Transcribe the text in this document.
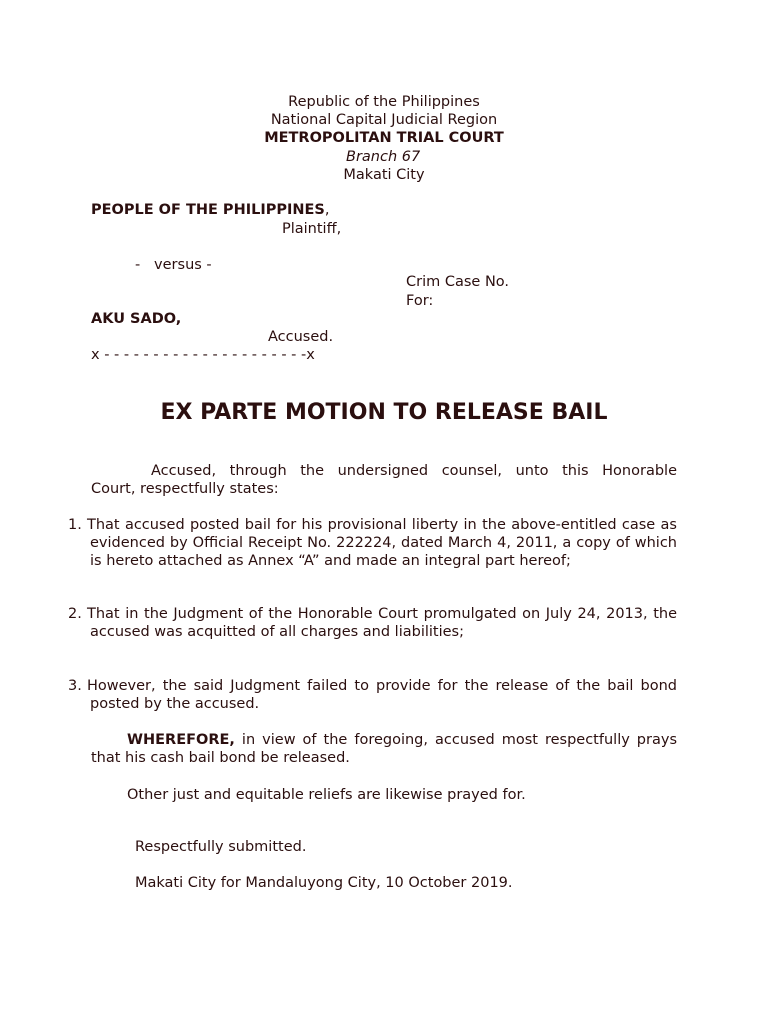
Republic of the Philippines
National Capital Judicial Region
METROPOLITAN TRIAL COURT
Branch 67
Makati City
PEOPLE OF THE PHILIPPINES,
Plaintiff,
-   versus -
Crim Case No.
For:
AKU SADO,
Accused.
x - - - - - - - - - - - - - - - - - - - - -x
EX PARTE MOTION TO RELEASE BAIL
Accused, through the undersigned counsel, unto this Honorable
Court, respectfully states:
1. That accused posted bail for his provisional liberty in the above-entitled case as
evidenced by Official Receipt No. 222224, dated March 4, 2011, a copy of which
is hereto attached as Annex “A” and made an integral part hereof;
2. That in the Judgment of the Honorable Court promulgated on July 24, 2013, the
accused was acquitted of all charges and liabilities;
3. However, the said Judgment failed to provide for the release of the bail bond
posted by the accused.
WHEREFORE, in view of the foregoing, accused most respectfully prays
that his cash bail bond be released.
Other just and equitable reliefs are likewise prayed for.
Respectfully submitted.
Makati City for Mandaluyong City, 10 October 2019.
